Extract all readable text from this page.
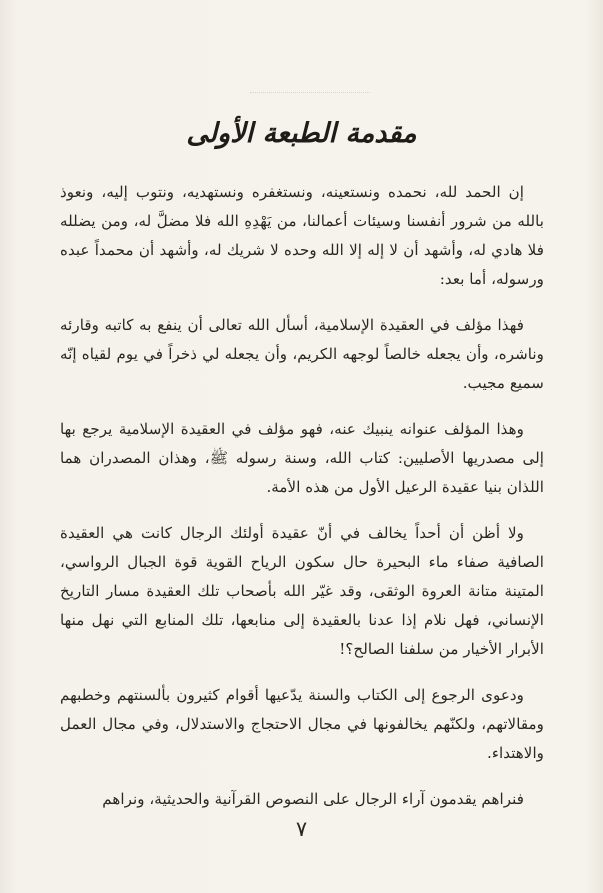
مقدمة الطبعة الأولى

إن الحمد لله، نحمده ونستعينه، ونستغفره ونستهديه، ونتوب إليه، ونعوذ بالله من شرور أنفسنا وسيئات أعمالنا، من يَهْدِهِ الله فلا مضلَّ له، ومن يضلله فلا هادي له، وأشهد أن لا إله إلا الله وحده لا شريك له، وأشهد أن محمداً عبده ورسوله، أما بعد:

فهذا مؤلف في العقيدة الإسلامية، أسأل الله تعالى أن ينفع به كاتبه وقارئه وناشره، وأن يجعله خالصاً لوجهه الكريم، وأن يجعله لي ذخراً في يوم لقياه إنّه سميع مجيب.

وهذا المؤلف عنوانه ينبيك عنه، فهو مؤلف في العقيدة الإسلامية يرجع بها إلى مصدريها الأصليين: كتاب الله، وسنة رسوله ﷺ، وهذان المصدران هما اللذان بنيا عقيدة الرعيل الأول من هذه الأمة.

ولا أظن أن أحداً يخالف في أنّ عقيدة أولئك الرجال كانت هي العقيدة الصافية صفاء ماء البحيرة حال سكون الرياح القوية قوة الجبال الرواسي، المتينة متانة العروة الوثقى، وقد غيّر الله بأصحاب تلك العقيدة مسار التاريخ الإنساني، فهل نلام إذا عدنا بالعقيدة إلى منابعها، تلك المنابع التي نهل منها الأبرار الأخيار من سلفنا الصالح؟!

ودعوى الرجوع إلى الكتاب والسنة يدّعيها أقوام كثيرون بألسنتهم وخطبهم ومقالاتهم، ولكنّهم يخالفونها في مجال الاحتجاج والاستدلال، وفي مجال العمل والاهتداء.

فنراهم يقدمون آراء الرجال على النصوص القرآنية والحديثية، ونراهم

٧
